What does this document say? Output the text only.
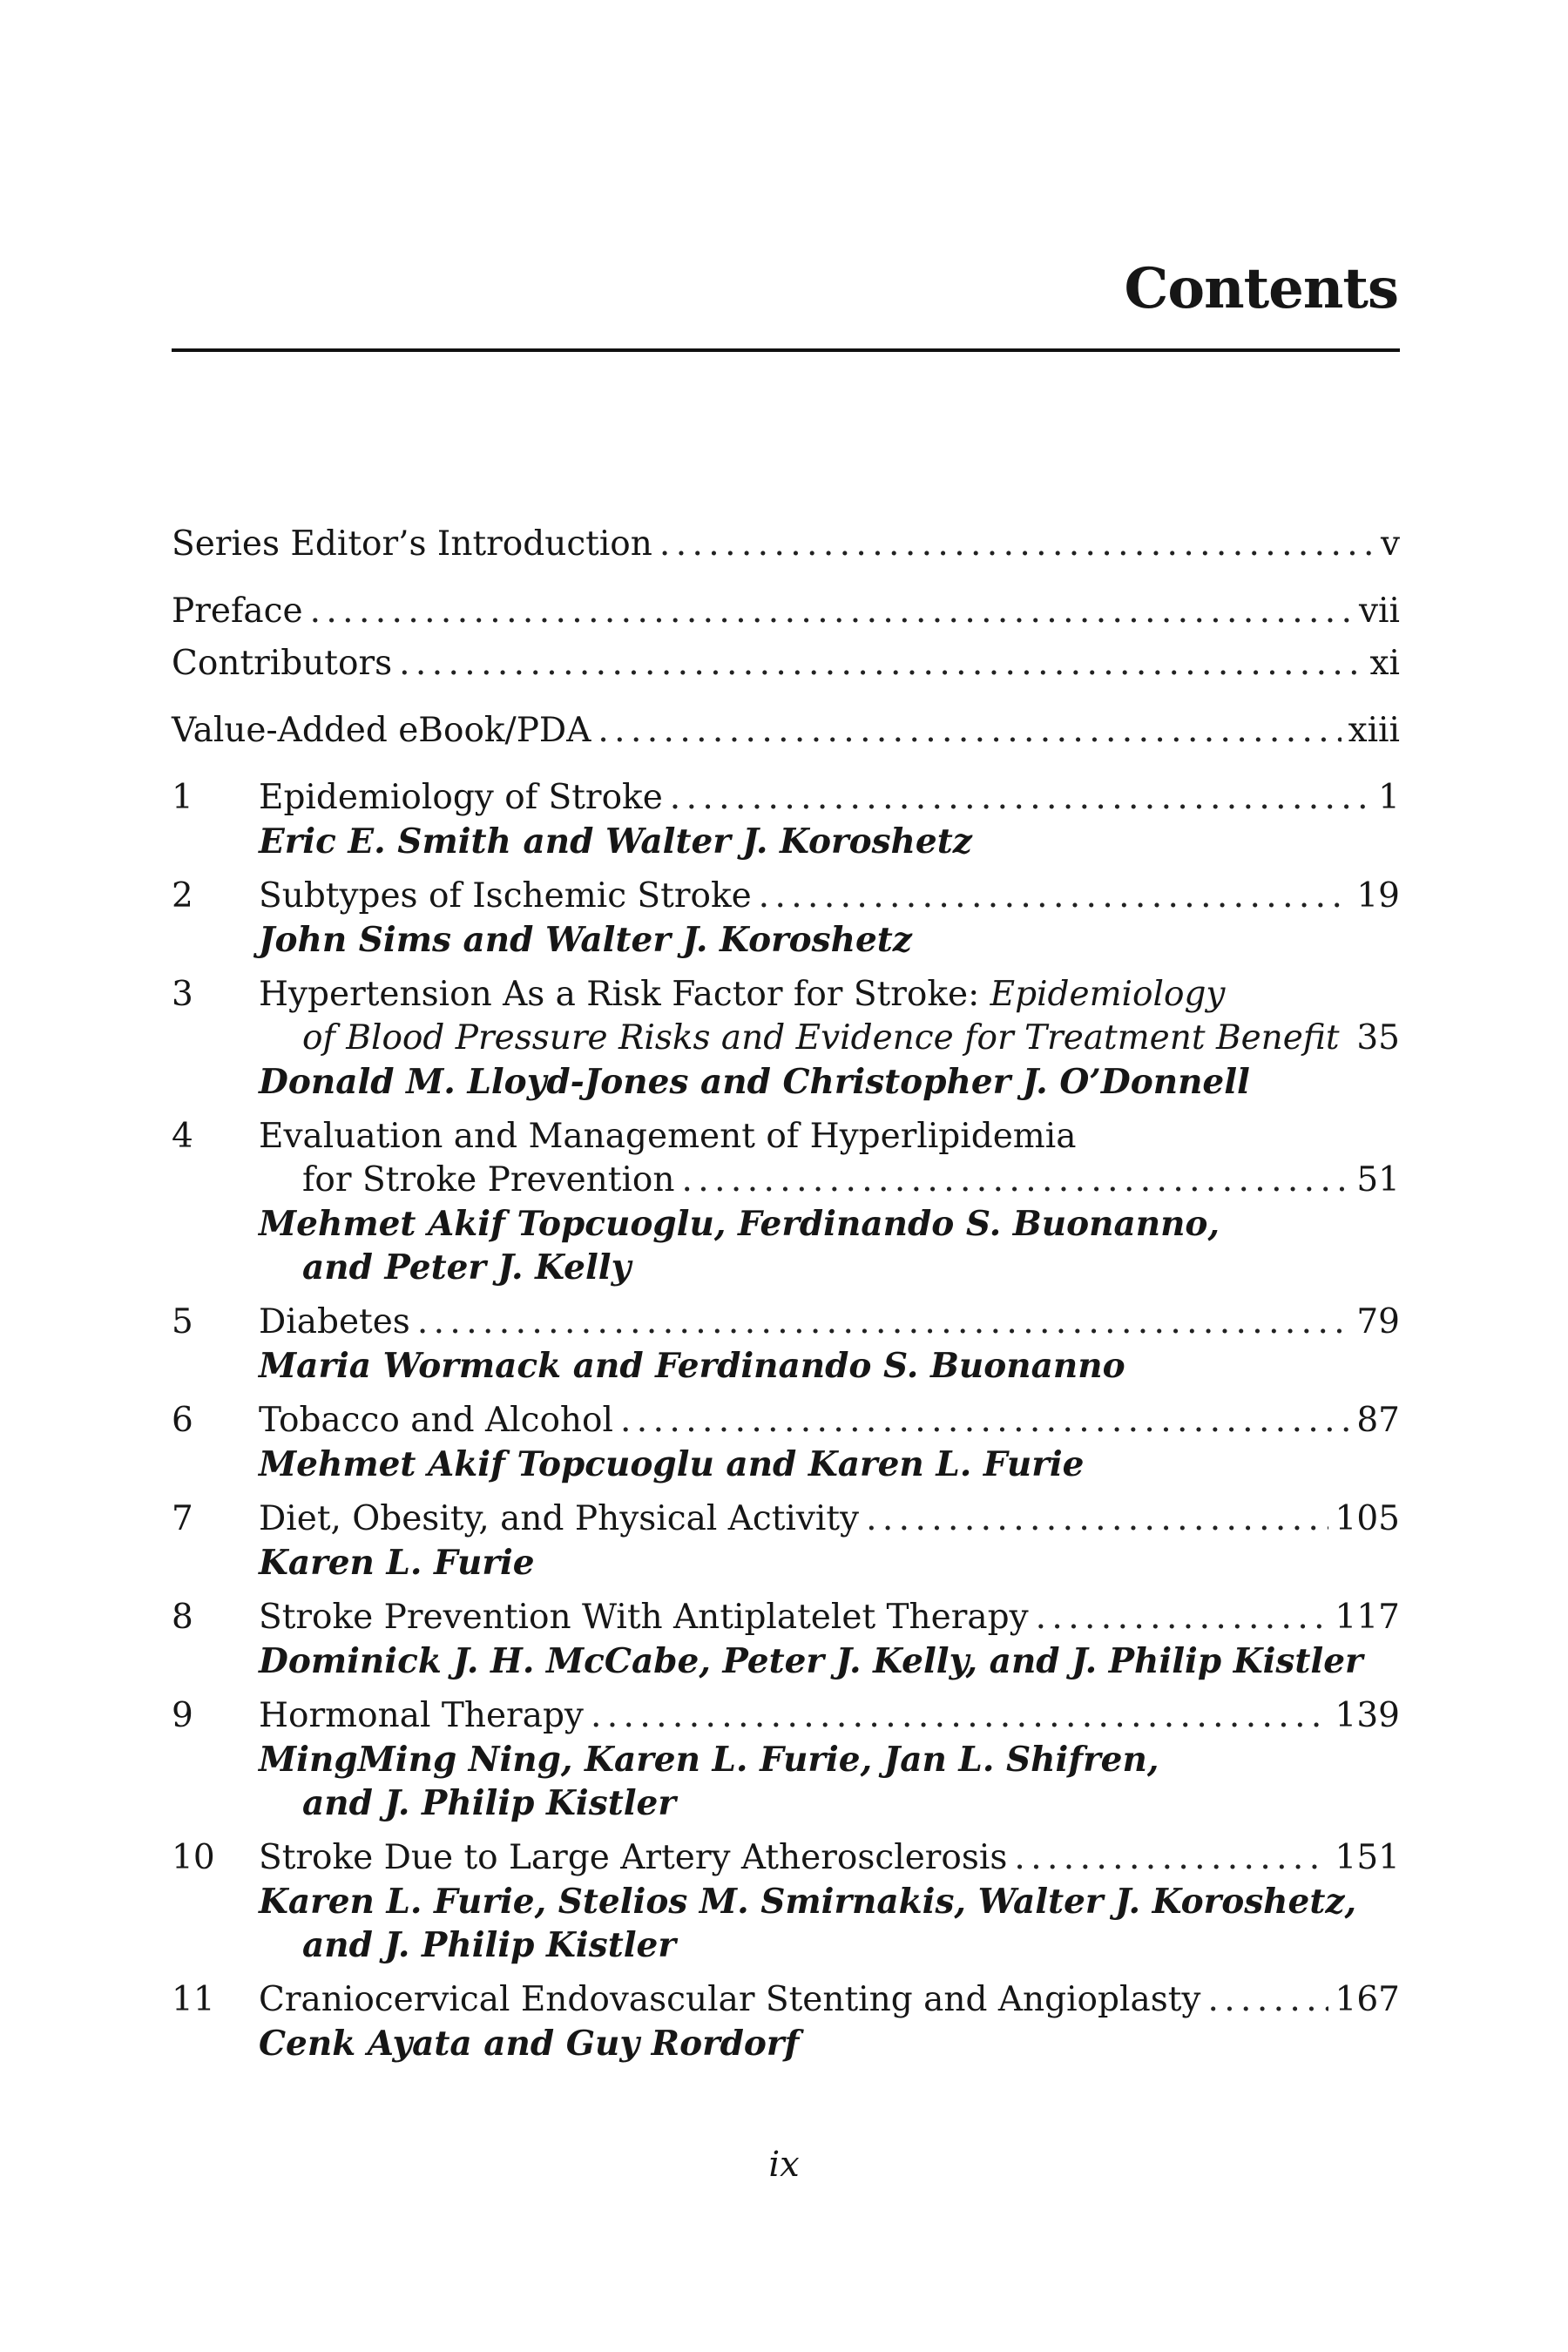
Contents
Series Editor’s Introduction . . .	v
Preface . . .	vii
Contributors . . .	xi
Value-Added eBook/PDA . . .	xiii
1	Epidemiology of Stroke . . .	1
Eric E. Smith and Walter J. Koroshetz
2	Subtypes of Ischemic Stroke . . .	19
John Sims and Walter J. Koroshetz
3	Hypertension As a Risk Factor for Stroke: Epidemiology
of Blood Pressure Risks and Evidence for Treatment Benefit . . . 35
Donald M. Lloyd-Jones and Christopher J. O’Donnell
4	Evaluation and Management of Hyperlipidemia
for Stroke Prevention . . .	51
Mehmet Akif Topcuoglu, Ferdinando S. Buonanno,
and Peter J. Kelly
5	Diabetes . . .	79
Maria Wormack and Ferdinando S. Buonanno
6	Tobacco and Alcohol . . .	87
Mehmet Akif Topcuoglu and Karen L. Furie
7	Diet, Obesity, and Physical Activity . . .	105
Karen L. Furie
8	Stroke Prevention With Antiplatelet Therapy . . .	117
Dominick J. H. McCabe, Peter J. Kelly, and J. Philip Kistler
9	Hormonal Therapy . . .	139
MingMing Ning, Karen L. Furie, Jan L. Shifren,
and J. Philip Kistler
10	Stroke Due to Large Artery Atherosclerosis . . .	151
Karen L. Furie, Stelios M. Smirnakis, Walter J. Koroshetz,
and J. Philip Kistler
11	Craniocervical Endovascular Stenting and Angioplasty . . .	167
Cenk Ayata and Guy Rordorf
ix
